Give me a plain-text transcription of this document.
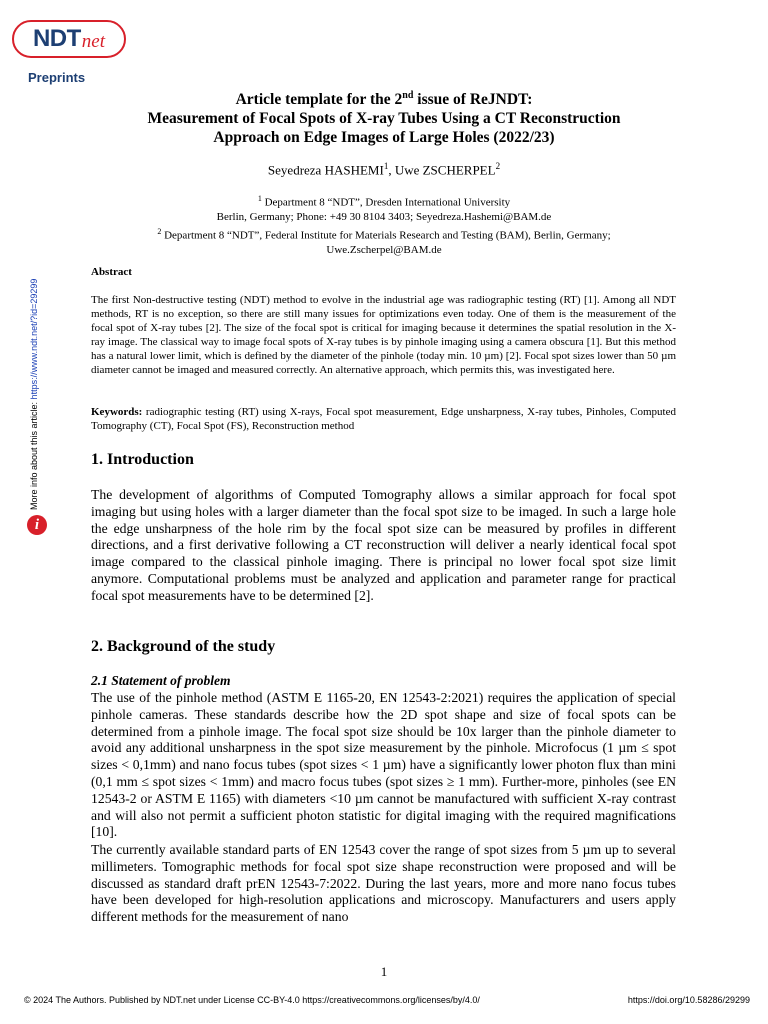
NDT net
Preprints
More info about this article: https://www.ndt.net/?id=29299
i
Article template for the 2nd issue of ReJNDT:
Measurement of Focal Spots of X-ray Tubes Using a CT Reconstruction
Approach on Edge Images of Large Holes (2022/23)
Seyedreza HASHEMI$^1$, Uwe ZSCHERPEL$^2$
$^1$ Department 8 “NDT”, Dresden International University
Berlin, Germany; Phone: +49 30 8104 3403; Seyedreza.Hashemi@BAM.de
$^2$ Department 8 “NDT”, Federal Institute for Materials Research and Testing (BAM), Berlin, Germany;
Uwe.Zscherpel@BAM.de
Abstract
The first Non-destructive testing (NDT) method to evolve in the industrial age was radiographic testing (RT) [1]. Among all NDT methods, RT is no exception, so there are still many issues for optimizations even today. One of them is the measurement of the focal spot of X-ray tubes [2]. The size of the focal spot is critical for imaging because it determines the spatial resolution in the X-ray image. The classical way to image focal spots of X-ray tubes is by pinhole imaging using a camera obscura [1]. But this method has a natural lower limit, which is defined by the diameter of the pinhole (today min. 10 µm) [2]. Focal spot sizes lower than 50 µm diameter cannot be imaged and measured correctly. An alternative approach, which permits this, was investigated here.
Keywords: radiographic testing (RT) using X-rays, Focal spot measurement, Edge unsharpness, X-ray tubes, Pinholes, Computed Tomography (CT), Focal Spot (FS), Reconstruction method
1. Introduction
The development of algorithms of Computed Tomography allows a similar approach for focal spot imaging but using holes with a larger diameter than the focal spot size to be imaged. In such a large hole the edge unsharpness of the hole rim by the focal spot size can be measured by profiles in different directions, and a first derivative following a CT reconstruction will deliver a nearly identical focal spot image compared to the classical pinhole imaging. There is principal no lower focal spot size limit anymore. Computational problems must be analyzed and application and parameter range for practical focal spot measurements have to be determined [2].
2. Background of the study
2.1 Statement of problem
The use of the pinhole method (ASTM E 1165-20, EN 12543-2:2021) requires the application of special pinhole cameras. These standards describe how the 2D spot shape and size of focal spots can be determined from a pinhole image. The focal spot size should be 10x larger than the pinhole diameter to avoid any additional unsharpness in the spot size measurement by the pinhole. Microfocus (1 µm ≤ spot sizes < 0,1mm) and nano focus tubes (spot sizes < 1 µm) have a significantly lower photon flux than mini (0,1 mm ≤ spot sizes < 1mm) and macro focus tubes (spot sizes ≥ 1 mm). Further-more, pinholes (see EN 12543-2 or ASTM E 1165) with diameters <10 µm cannot be manufactured with sufficient X-ray contrast and will also not permit a sufficient photon statistic for digital imaging with the required magnifications [10].
The currently available standard parts of EN 12543 cover the range of spot sizes from 5 µm up to several millimeters. Tomographic methods for focal spot size shape reconstruction were proposed and will be discussed as standard draft prEN 12543-7:2022. During the last years, more and more nano focus tubes have been developed for high-resolution applications and microscopy. Manufacturers and users apply different methods for the measurement of nano
1
© 2024 The Authors. Published by NDT.net under License CC-BY-4.0 https://creativecommons.org/licenses/by/4.0/	https://doi.org/10.58286/29299
